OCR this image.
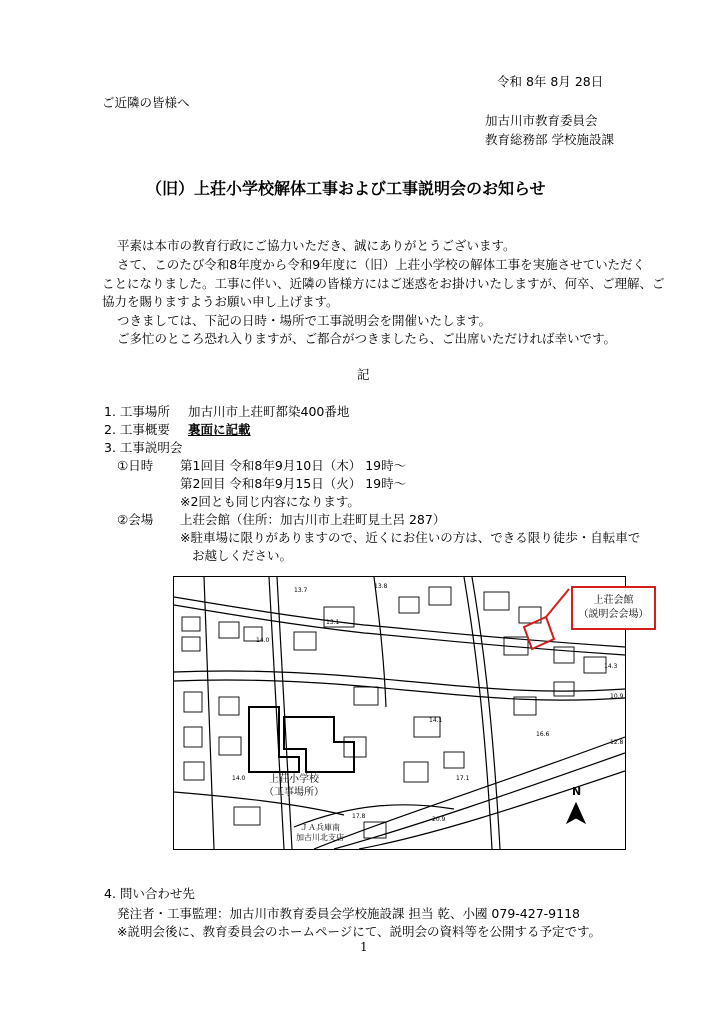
令和 8年 8月 28日
ご近隣の皆様へ
加古川市教育委員会
教育総務部 学校施設課
（旧）上荘小学校解体工事および工事説明会のお知らせ
平素は本市の教育行政にご協力いただき、誠にありがとうございます。
さて、このたび令和8年度から令和9年度に（旧）上荘小学校の解体工事を実施させていただく
ことになりました。工事に伴い、近隣の皆様方にはご迷惑をお掛けいたしますが、何卒、ご理解、ご
協力を賜りますようお願い申し上げます。
つきましては、下記の日時・場所で工事説明会を開催いたします。
ご多忙のところ恐れ入りますが、ご都合がつきましたら、ご出席いただければ幸いです。
記
1. 工事場所 加古川市上荘町都染400番地
2. 工事概要 裏面に記載
3. 工事説明会
①日時 第1回目 令和8年9月10日（木） 19時～
第2回目 令和8年9月15日（火） 19時～
※2回とも同じ内容になります。
②会場 上荘会館（住所：加古川市上荘町見土呂 287）
※駐車場に限りがありますので、近くにお住いの方は、できる限り徒歩・自転車で
お越しください。
上荘小学校
（工事場所）
ＪＡ兵庫南
加古川北支店
N
13.8
13.7
13.1
14.0
14.1
14.0	17.1
17.8	20.9
16.6
12.8
10.9
14.3
上荘会館
（説明会会場）
4. 問い合わせ先
発注者・工事監理：加古川市教育委員会学校施設課 担当 乾、小國 079-427-9118
※説明会後に、教育委員会のホームページにて、説明会の資料等を公開する予定です。
1
